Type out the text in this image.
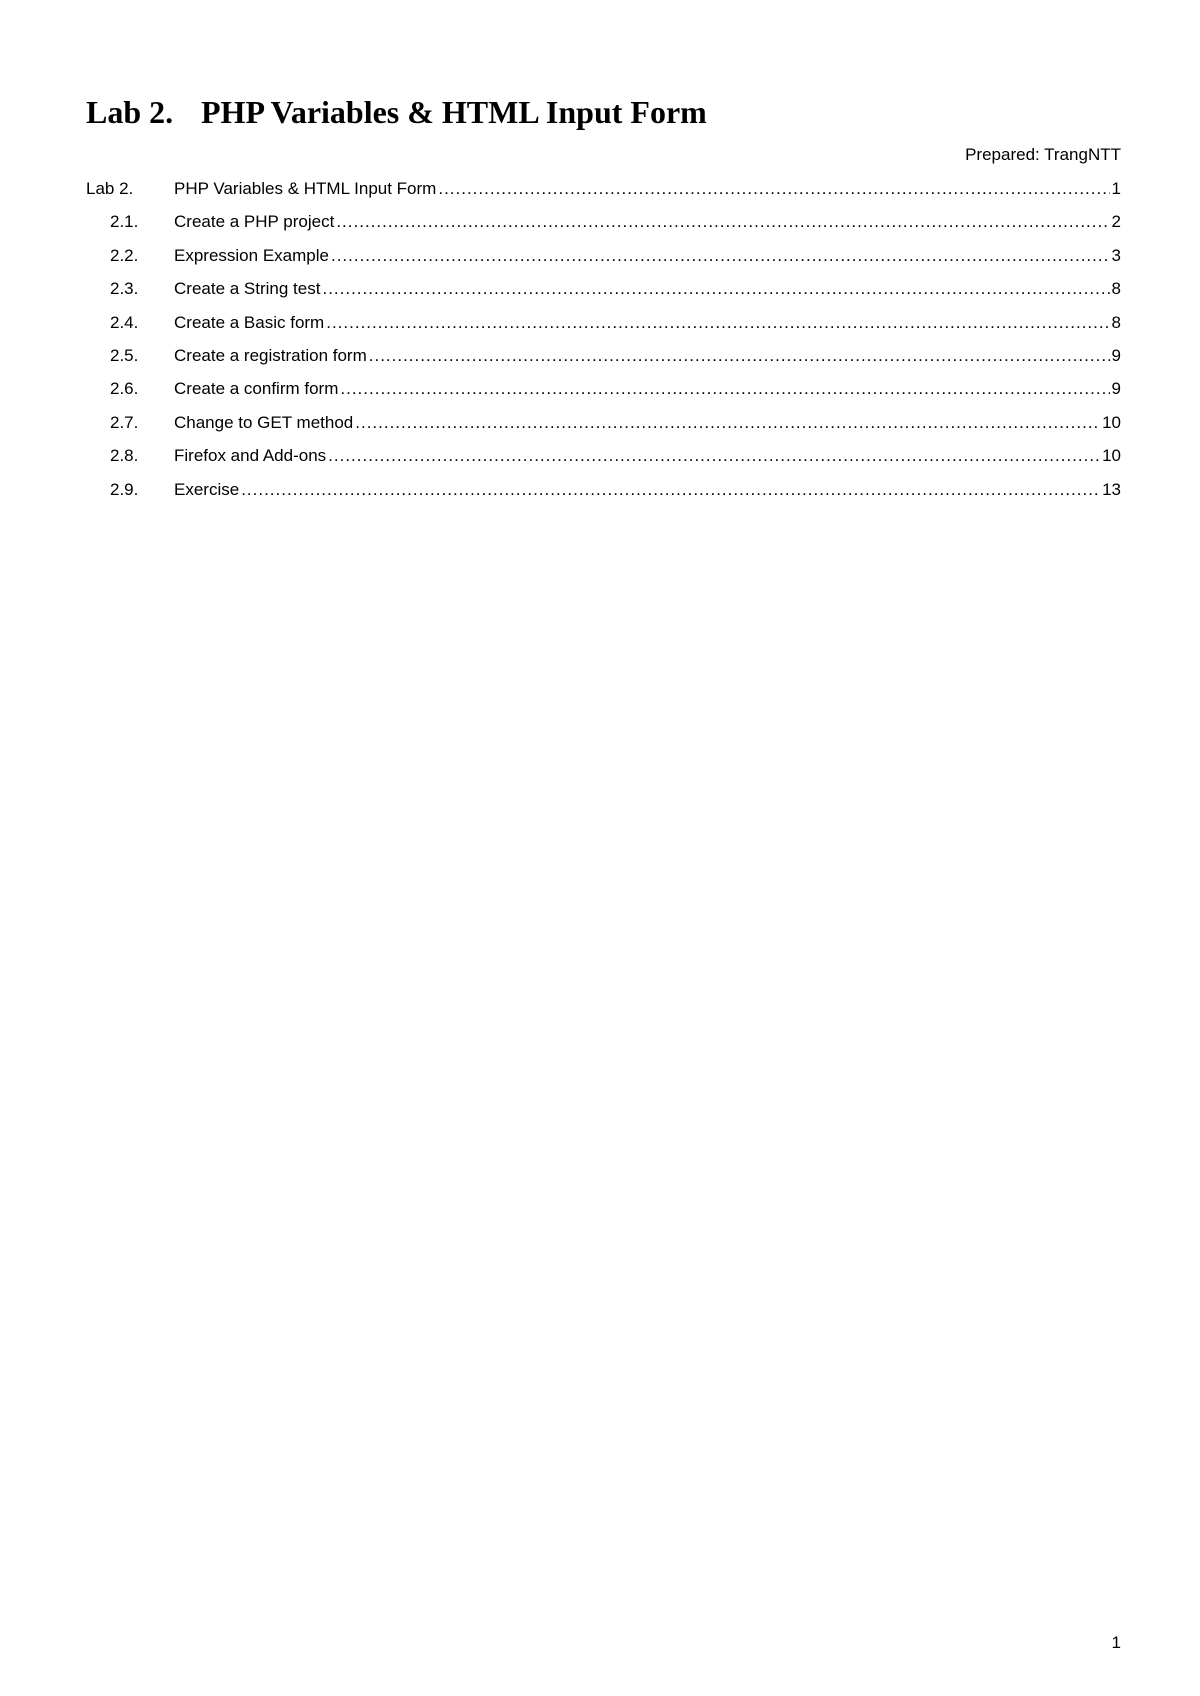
Lab 2. PHP Variables & HTML Input Form
Prepared: TrangNTT
Lab 2.	PHP Variables & HTML Input Form .....	1
2.1.	Create a PHP project .....	2
2.2.	Expression Example .....	3
2.3.	Create a String test .....	8
2.4.	Create a Basic form .....	8
2.5.	Create a registration form .....	9
2.6.	Create a confirm form .....	9
2.7.	Change to GET method .....	10
2.8.	Firefox and Add-ons .....	10
2.9.	Exercise .....	13
1
